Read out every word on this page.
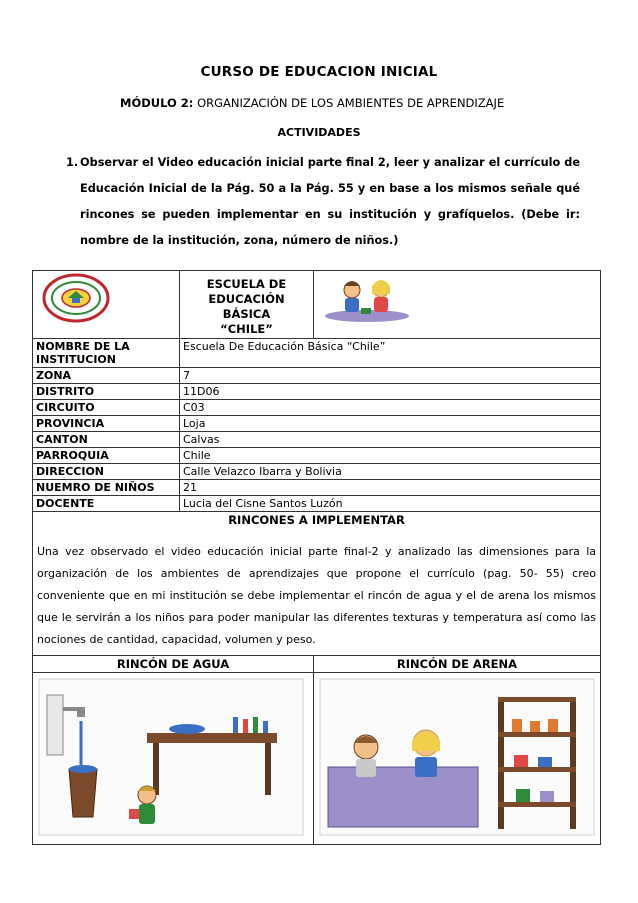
CURSO DE EDUCACION INICIAL
MÓDULO 2: ORGANIZACIÓN DE LOS AMBIENTES DE APRENDIZAJE
ACTIVIDADES
1. Observar el Video educación inicial parte final 2, leer y analizar el currículo de Educación Inicial de la Pág. 50 a la Pág. 55 y en base a los mismos señale qué rincones se pueden implementar en su institución y grafíquelos. (Debe ir: nombre de la institución, zona, número de niños.)

ESCUELA DE EDUCACIÓN BÁSICA
“CHILE”

NOMBRE DE LA INSTITUCION	Escuela De Educación Básica “Chile”	
ZONA	7	
DISTRITO	11D06	
CIRCUITO	C03	
PROVINCIA	Loja	
CANTON	Calvas	
PARROQUIA	Chile	
DIRECCION	Calle Velazco Ibarra y Bolivia	
NUEMRO DE NIÑOS	21	
DOCENTE	Lucia del Cisne Santos Luzón	

RINCONES A IMPLEMENTAR
Una vez observado el video educación inicial parte final-2 y analizado las dimensiones para la organización de los ambientes de aprendizajes que propone el currículo (pag. 50- 55) creo conveniente que en mi institución se debe implementar el rincón de agua y el de arena los mismos que le servirán a los niños para poder manipular las diferentes texturas y temperatura así como las nociones de cantidad, capacidad, volumen y peso.		

RINCÓN DE AGUA		RINCÓN DE ARENA
